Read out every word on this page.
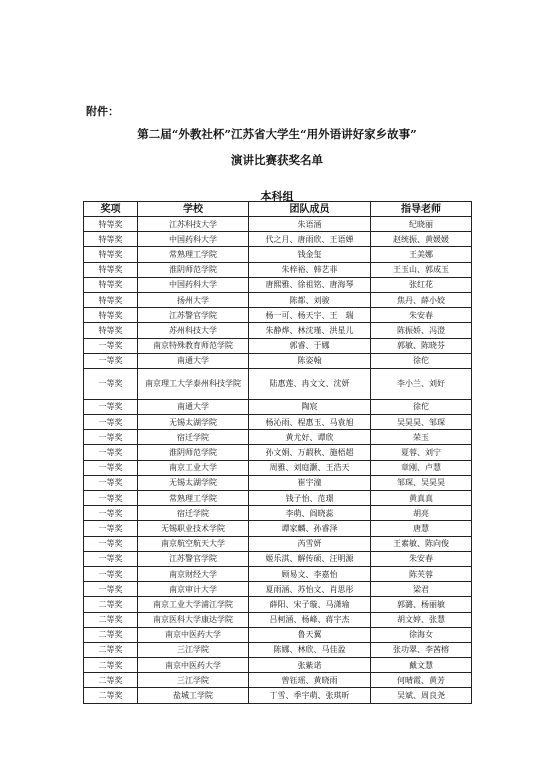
附件：
第二届“外教社杯”江苏省大学生“用外语讲好家乡故事”
演讲比赛获奖名单
本科组
奖项	学校	团队成员	指导老师
特等奖	江苏科技大学	朱语涵	纪晓丽
特等奖	中国药科大学	代之月、唐雨欣、王语婵	赵统振、黄媛媛
特等奖	常熟理工学院	钱金玺	王美娜
特等奖	淮阴师范学院	朱梓裕、韩艺菲	王玉山、郭成玉
特等奖	中国药科大学	唐熙雅、徐祖铭、唐海琴	张红花
特等奖	扬州大学	陈都、刘骏	焦丹、薛小姣
特等奖	江苏警官学院	杨一可、杨天宇、王　瑞	朱安春
特等奖	苏州科技大学	朱静烨、林沈瑾、洪星儿	陈振娇、冯澄
一等奖	南京特殊教育师范学院	郭睿、于娜	郭敏、陈晓芬
一等奖	南通大学	陈姿翰	徐佗
一等奖	南京理工大学泰州科技学院	陆惠莲、冉文文、沈妍	李小兰、刘好
一等奖	南通大学	陶宸	徐佗
一等奖	无锡太湖学院	杨沁雨、程惠玉、马袁旭	吴昊昊、邹琛
一等奖	宿迁学院	黄尤好、谭欣	荣玉
一等奖	淮阴师范学院	孙文娟、万嘏秋、施梧超	夏蓉、刘宁
一等奖	南京工业大学	周雅、刘庭灏、王浩天	章刚、卢慧
一等奖	无锡太湖学院	崔宇潼	邹琛、吴昊昊
一等奖	常熟理工学院	钱子怡、范璟	黄真真
一等奖	宿迁学院	李萌、阎晓蕊	胡亮
一等奖	无锡职业技术学院	谭家麟、孙睿泽	唐慧
一等奖	南京航空航天大学	芮雪妍	王素敏、陈向俊
一等奖	江苏警官学院	姬乐淇、解传硕、汪明源	朱安春
一等奖	南京财经大学	顾易文、李嘉怡	陈芙蓉
一等奖	南京审计大学	夏雨涵、苏怡文、肖思彤	梁君
二等奖	南京工业大学浦江学院	薛阳、宋子璇、马潇瑜	郭潞、杨丽敏
二等奖	南京医科大学康达学院	吕柯涵、杨峰、蒋宇杰	胡文婷、张慧
二等奖	南京中医药大学	鲁天翼	徐海女
二等奖	三江学院	陈娜、林欣、马佳盈	张功翠、李茜榕
二等奖	南京中医药大学	张紫诺	戴文慧
二等奖	三江学院	曾钰瑶、黄晓雨	何晴霞、黄芳
二等奖	盐城工学院	丁雪、季宇萌、张琪昕	吴斌、周良尧
